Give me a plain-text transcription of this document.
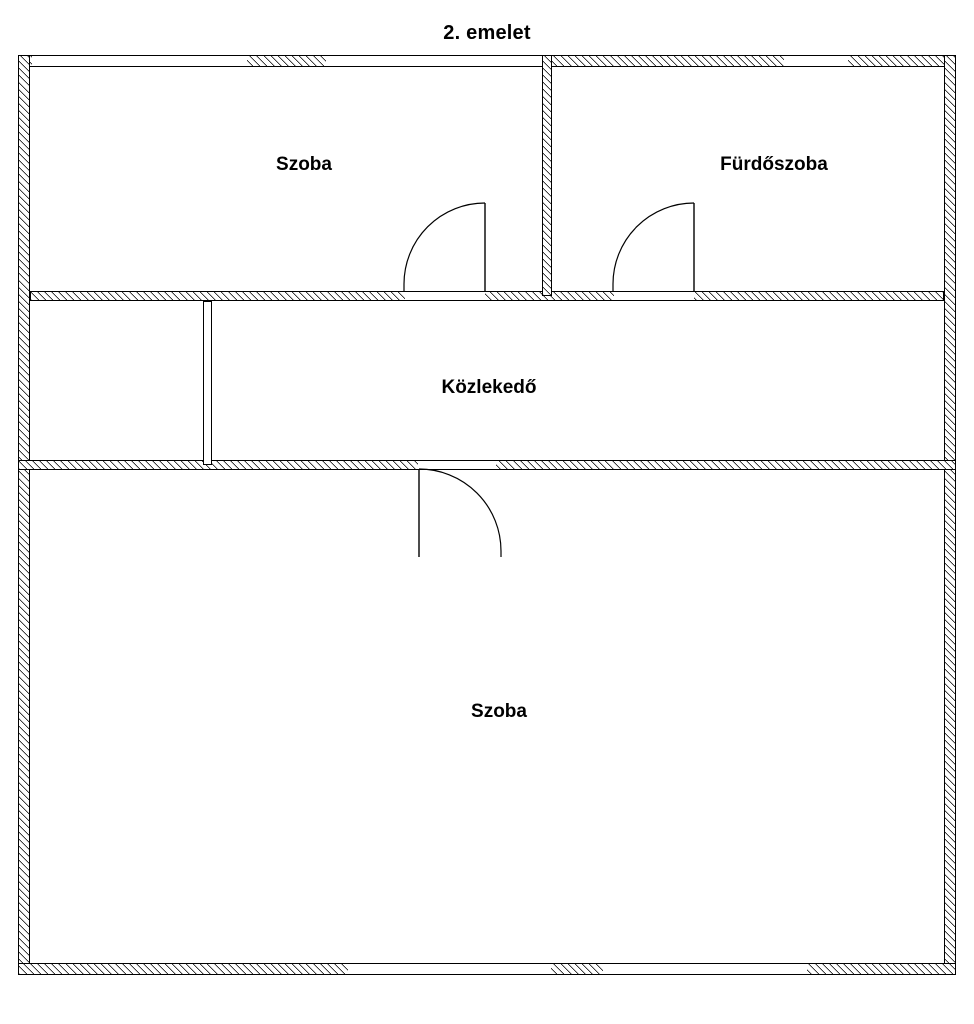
2. emelet
Szoba	Fürdőszoba
Közlekedő
Szoba
